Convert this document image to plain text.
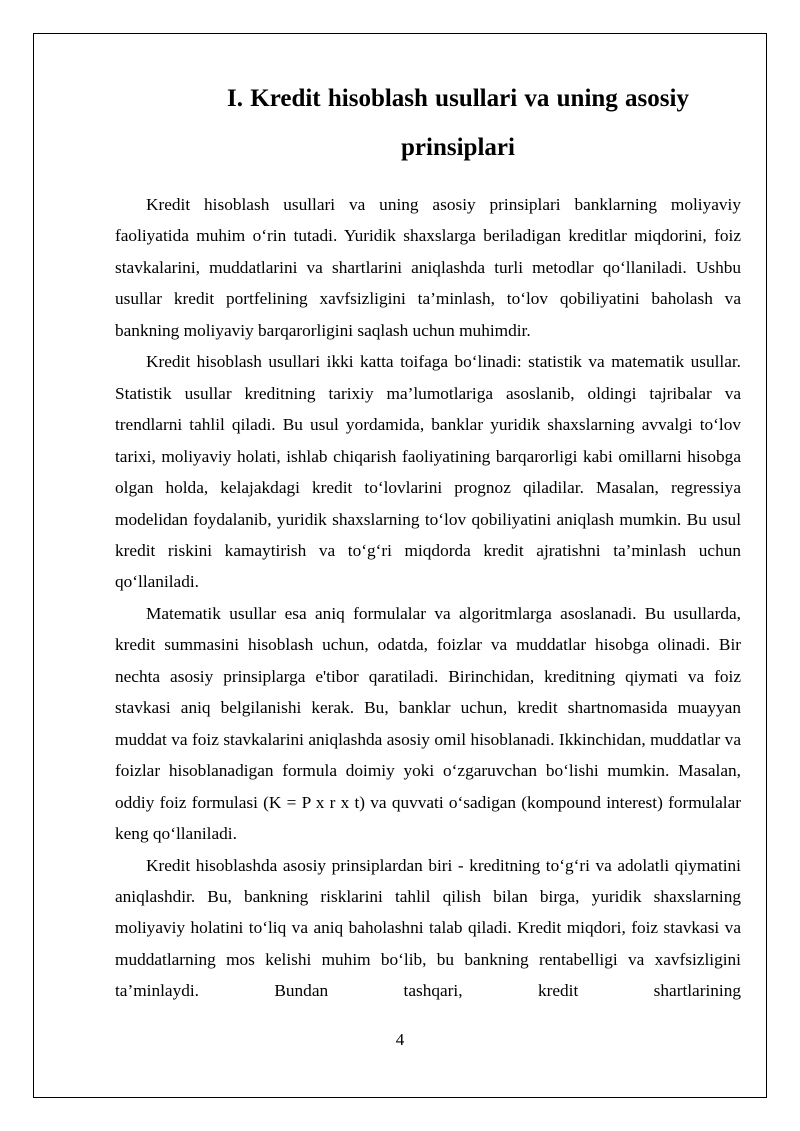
I. Kredit hisoblash usullari va uning asosiy prinsiplari

Kredit hisoblash usullari va uning asosiy prinsiplari banklarning moliyaviy faoliyatida muhim o‘rin tutadi. Yuridik shaxslarga beriladigan kreditlar miqdorini, foiz stavkalarini, muddatlarini va shartlarini aniqlashda turli metodlar qo‘llaniladi. Ushbu usullar kredit portfelining xavfsizligini ta’minlash, to‘lov qobiliyatini baholash va bankning moliyaviy barqarorligini saqlash uchun muhimdir.

Kredit hisoblash usullari ikki katta toifaga bo‘linadi: statistik va matematik usullar. Statistik usullar kreditning tarixiy ma’lumotlariga asoslanib, oldingi tajribalar va trendlarni tahlil qiladi. Bu usul yordamida, banklar yuridik shaxslarning avvalgi to‘lov tarixi, moliyaviy holati, ishlab chiqarish faoliyatining barqarorligi kabi omillarni hisobga olgan holda, kelajakdagi kredit to‘lovlarini prognoz qiladilar. Masalan, regressiya modelidan foydalanib, yuridik shaxslarning to‘lov qobiliyatini aniqlash mumkin. Bu usul kredit riskini kamaytirish va to‘g‘ri miqdorda kredit ajratishni ta’minlash uchun qo‘llaniladi.

Matematik usullar esa aniq formulalar va algoritmlarga asoslanadi. Bu usullarda, kredit summasini hisoblash uchun, odatda, foizlar va muddatlar hisobga olinadi. Bir nechta asosiy prinsiplarga e'tibor qaratiladi. Birinchidan, kreditning qiymati va foiz stavkasi aniq belgilanishi kerak. Bu, banklar uchun, kredit shartnomasida muayyan muddat va foiz stavkalarini aniqlashda asosiy omil hisoblanadi. Ikkinchidan, muddatlar va foizlar hisoblanadigan formula doimiy yoki o‘zgaruvchan bo‘lishi mumkin. Masalan, oddiy foiz formulasi (K = P x r x t) va quvvati o‘sadigan (kompound interest) formulalar keng qo‘llaniladi.

Kredit hisoblashda asosiy prinsiplardan biri - kreditning to‘g‘ri va adolatli qiymatini aniqlashdir. Bu, bankning risklarini tahlil qilish bilan birga, yuridik shaxslarning moliyaviy holatini to‘liq va aniq baholashni talab qiladi. Kredit miqdori, foiz stavkasi va muddatlarning mos kelishi muhim bo‘lib, bu bankning rentabelligi va xavfsizligini ta’minlaydi. Bundan tashqari, kredit shartlarining

4
